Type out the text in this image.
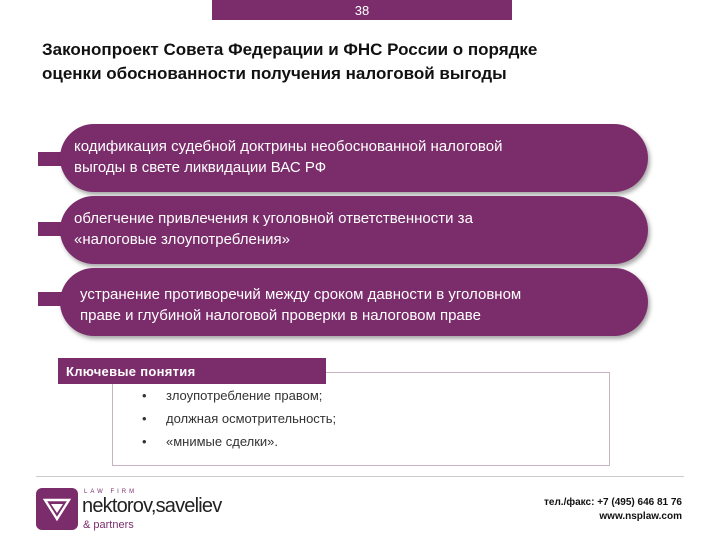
38
Законопроект Совета Федерации и ФНС России о порядке
оценки обоснованности получения налоговой выгоды
кодификация судебной доктрины необоснованной налоговой
выгоды в свете ликвидации ВАС РФ
облегчение привлечения к уголовной ответственности за
«налоговые злоупотребления»
устранение противоречий между сроком давности в уголовном
праве и глубиной налоговой проверки в налоговом праве
Ключевые понятия
• злоупотребление правом;
• должная осмотрительность;
• «мнимые сделки».
LAW FIRM
nektorov,saveliev
& partners
тел./факс: +7 (495) 646 81 76
www.nsplaw.com
